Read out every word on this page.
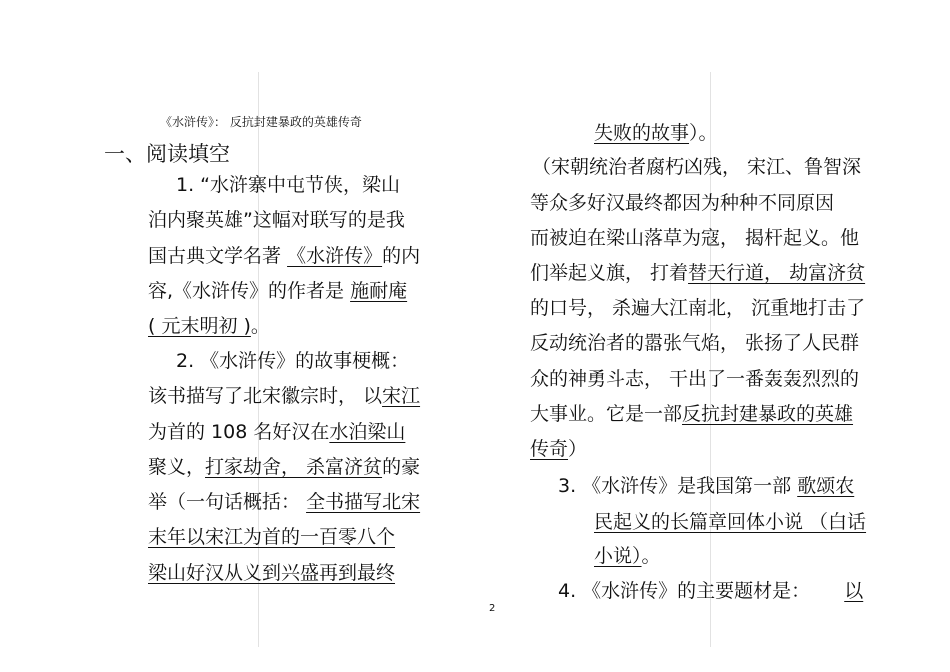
《水浒传》： 反抗封建暴政的英雄传奇
一、阅读填空
1. “水浒寨中屯节侠，梁山
泊内聚英雄”这幅对联写的是我
国古典文学名著 《水浒传》的内
容,《水浒传》的作者是 施耐庵
( 元末明初 )。
2. 《水浒传》的故事梗概：
该书描写了北宋徽宗时， 以宋江
为首的 108 名好汉在水泊梁山
聚义，打家劫舍， 杀富济贫的豪
举（一句话概括： 全书描写北宋
末年以宋江为首的一百零八个
梁山好汉从义到兴盛再到最终
失败的故事）。
（宋朝统治者腐朽凶残， 宋江、鲁智深
等众多好汉最终都因为种种不同原因
而被迫在梁山落草为寇， 揭杆起义。他
们举起义旗， 打着替天行道， 劫富济贫
的口号， 杀遍大江南北， 沉重地打击了
反动统治者的嚣张气焰， 张扬了人民群
众的神勇斗志， 干出了一番轰轰烈烈的
大事业。它是一部反抗封建暴政的英雄
传奇）
3. 《水浒传》是我国第一部 歌颂农
民起义的长篇章回体小说 （白话
小说）。
4. 《水浒传》的主要题材是： 以
2
